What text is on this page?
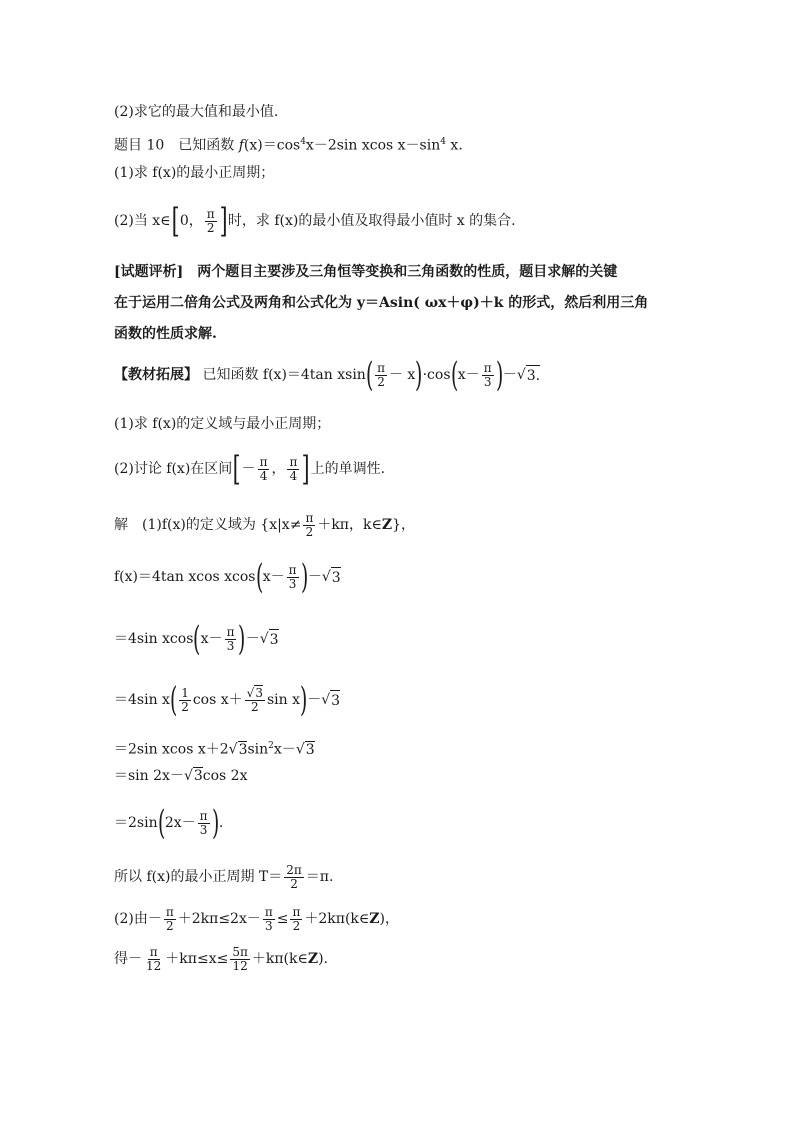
(2)求它的最大值和最小值.
题目 10　已知函数 $f(x)=\cos^4x-2\sin$ xcos $x-\sin^4$ x.
(1)求 f(x)的最小正周期；
(2)当 x∈ [ 0， $\frac{\pi}{2}$ ] 时，求 f(x)的最小值及取得最小值时 x 的集合.
[试题评析]　两个题目主要涉及三角恒等变换和三角函数的性质，题目求解的关键
在于运用二倍角公式及两角和公式化为 y＝Asin( ωx＋φ)＋k 的形式，然后利用三角
函数的性质求解.
【教材拓展】
已知函数 f(x)＝4tan xsin ( $\frac{\pi}{2} - x$ ) ·cos ( $x- \frac{\pi}{3}$ ) － √ 3.
(1)求 f(x)的定义域与最小正周期；
(2)讨论 f(x)在区间 [ － $\frac{\pi}{4}$ ， $\frac{\pi}{4}$ ] 上的单调性.
解　(1)f(x)的定义域为 {$x|x\ne \frac{\pi}{2} +k\pi$，k∈ Z }，
f(x)＝4tan xcos xcos ( $x- \frac{\pi}{3}$ ) － √ 3
＝4sin xcos ( $x- \frac{\pi}{3}$ ) － √ 3
＝4sin x ( $\frac{1}{2}$ $\cos x+ \frac{√3}{2}$ sin x ) － √ 3
＝2sin xcos $x+2√3\sin^2x-√3$
＝sin 2x－√3cos 2x
＝2sin ( $2x- \frac{\pi}{3}$ ) .
所以 f(x)的最小正周期 $T= \frac{2\pi}{2} =\pi$.
(2)由－ $\frac{\pi}{2} +2k\pi\le 2x- \frac{\pi}{3} \le \frac{\pi}{2}$ ＋2kπ(k∈ Z )，
得－ $\frac{\pi}{12} +k\pi\le x\le \frac{5\pi}{12}$ ＋kπ(k∈ Z ).
